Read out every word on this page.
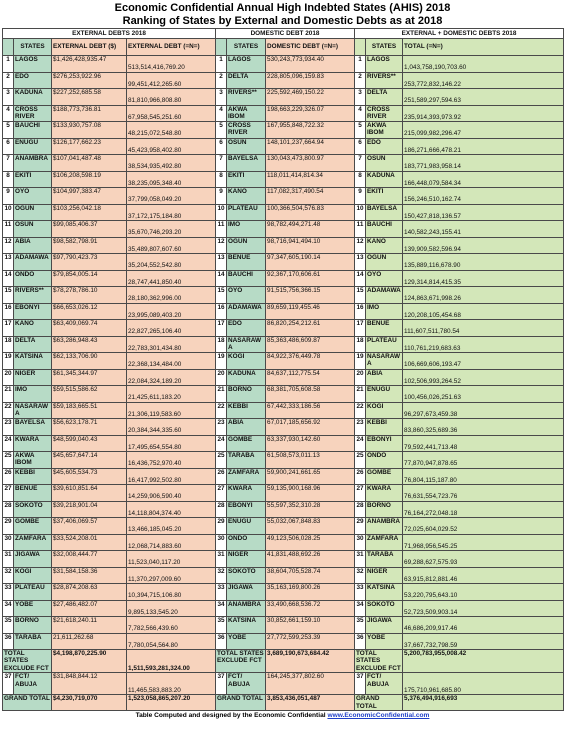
Economic Confidential Annual High Indebted States (AHIS) 2018
Ranking of States by External and Domestic Debts as at 2018
EXTERNAL DEBTS 2018				DOMESTIC DEBT 2018			EXTERNAL + DOMESTIC DEBTS 2018		
	STATES	EXTERNAL DEBT ($)	EXTERNAL DEBT (=N=)		STATES	DOMESTIC DEBT (=N=)		STATES	TOTAL (=N=)
1	LAGOS	$1,426,428,935.47	513,514,416,769.20	1	LAGOS	530,243,773,934.40	1	LAGOS	1,043,758,190,703.60
2	EDO	$276,253,922.96	99,451,412,265.60	2	DELTA	228,805,096,159.83	2	RIVERS**	253,772,832,146.22
3	KADUNA	$227,252,685.58	81,810,966,808.80	3	RIVERS**	225,592,469,150.22	3	DELTA	251,589,297,594.63
4	CROSS RIVER	$188,773,736.81	67,958,545,251.60	4	AKWA IBOM	198,663,229,326.07	4	CROSS RIVER	235,914,393,973.92
5	BAUCHI	$133,930,757.08	48,215,072,548.80	5	CROSS RIVER	167,955,848,722.32	5	AKWA IBOM	215,099,982,296.47
6	ENUGU	$126,177,662.23	45,423,958,402.80	6	OSUN	148,101,237,664.94	6	EDO	186,271,666,478.21
7	ANAMBRA	$107,041,487.48	38,534,935,492.80	7	BAYELSA	130,043,473,800.97	7	OSUN	183,771,983,958.14
8	EKITI	$106,208,598.19	38,235,095,348.40	8	EKITI	118,011,414,814.34	8	KADUNA	166,448,079,584.34
9	OYO	$104,997,383.47	37,799,058,049.20	9	KANO	117,082,317,490.54	9	EKITI	156,246,510,162.74
10	OGUN	$103,256,042.18	37,172,175,184.80	10	PLATEAU	100,366,504,576.83	10	BAYELSA	150,427,818,136.57
11	OSUN	$99,085,406.37	35,670,746,293.20	11	IMO	98,782,494,271.48	11	BAUCHI	140,582,243,155.41
12	ABIA	$98,582,798.91	35,489,807,607.60	12	OGUN	98,716,941,494.10	12	KANO	139,909,582,596.94
13	ADAMAWA	$97,790,423.73	35,204,552,542.80	13	BENUE	97,347,605,190.14	13	OGUN	135,889,116,678.90
14	ONDO	$79,854,005.14	28,747,441,850.40	14	BAUCHI	92,367,170,606.61	14	OYO	129,314,814,415.35
15	RIVERS**	$78,278,786.10	28,180,362,996.00	15	OYO	91,515,756,366.15	15	ADAMAWA	124,863,671,998.26
16	EBONYI	$66,653,026.12	23,995,089,403.20	16	ADAMAWA	89,659,119,455.46	16	IMO	120,208,105,454.68
17	KANO	$63,409,069.74	22,827,265,106.40	17	EDO	86,820,254,212.61	17	BENUE	111,607,511,780.54
18	DELTA	$63,286,948.43	22,783,301,434.80	18	NASARAWA	85,363,486,609.87	18	PLATEAU	110,761,219,683.63
19	KATSINA	$62,133,706.90	22,368,134,484.00	19	KOGI	84,922,376,449.78	19	NASARAWA	106,669,606,193.47
20	NIGER	$61,345,344.97	22,084,324,189.20	20	KADUNA	84,637,112,775.54	20	ABIA	102,506,993,264.52
21	IMO	$59,515,586.62	21,425,611,183.20	21	BORNO	68,381,705,608.58	21	ENUGU	100,456,026,251.63
22	NASARAWA	$59,183,665.51	21,306,119,583.60	22	KEBBI	67,442,333,186.56	22	KOGI	96,297,673,459.38
23	BAYELSA	$56,623,178.71	20,384,344,335.60	23	ABIA	67,017,185,656.92	23	KEBBI	83,860,325,689.36
24	KWARA	$48,599,040.43	17,495,654,554.80	24	GOMBE	63,337,930,142.60	24	EBONYI	79,592,441,713.48
25	AKWA IBOM	$45,657,647.14	16,436,752,970.40	25	TARABA	61,508,573,011.13	25	ONDO	77,870,947,878.65
26	KEBBI	$45,605,534.73	16,417,992,502.80	26	ZAMFARA	59,900,241,661.65	26	GOMBE	76,804,115,187.80
27	BENUE	$39,610,851.64	14,259,906,590.40	27	KWARA	59,135,900,168.96	27	KWARA	76,631,554,723.76
28	SOKOTO	$39,218,901.04	14,118,804,374.40	28	EBONYI	55,597,352,310.28	28	BORNO	76,164,272,048.18
29	GOMBE	$37,406,069.57	13,466,185,045.20	29	ENUGU	55,032,067,848.83	29	ANAMBRA	72,025,604,029.52
30	ZAMFARA	$33,524,208.01	12,068,714,883.60	30	ONDO	49,123,506,028.25	30	ZAMFARA	71,968,956,545.25
31	JIGAWA	$32,008,444.77	11,523,040,117.20	31	NIGER	41,831,488,692.26	31	TARABA	69,288,627,575.93
32	KOGI	$31,584,158.36	11,370,297,009.60	32	SOKOTO	38,604,705,528.74	32	NIGER	63,915,812,881.46
33	PLATEAU	$28,874,208.63	10,394,715,106.80	33	JIGAWA	35,163,169,800.26	33	KATSINA	53,220,795,643.10
34	YOBE	$27,486,482.07	9,895,133,545.20	34	ANAMBRA	33,490,668,536.72	34	SOKOTO	52,723,509,903.14
35	BORNO	$21,618,240.11	7,782,566,439.60	35	KATSINA	30,852,661,159.10	35	JIGAWA	46,686,209,917.46
36	TARABA	21,611,262.68	7,780,054,564.80	36	YOBE	27,772,599,253.39	36	YOBE	37,667,732,798.59
TOTAL STATES EXCLUDE FCT		$4,198,870,225.90	1,511,593,281,324.00	TOTAL STATES EXCLUDE FCT		3,689,190,673,684.42	TOTAL STATES EXCLUDE FCT		5,200,783,955,008.42
37	FCT/ ABUJA	$31,848,844.12	11,465,583,883.20	37	FCT/ ABUJA	164,245,377,802.60	37	FCT/ ABUJA	175,710,961,685.80
GRAND TOTAL		$4,230,719,070	1,523,058,865,207.20	GRAND TOTAL		3,853,436,051,487	GRAND TOTAL		5,376,494,916,693
Table Computed and designed by the Economic Confidential www.EconomicConfidential.com
